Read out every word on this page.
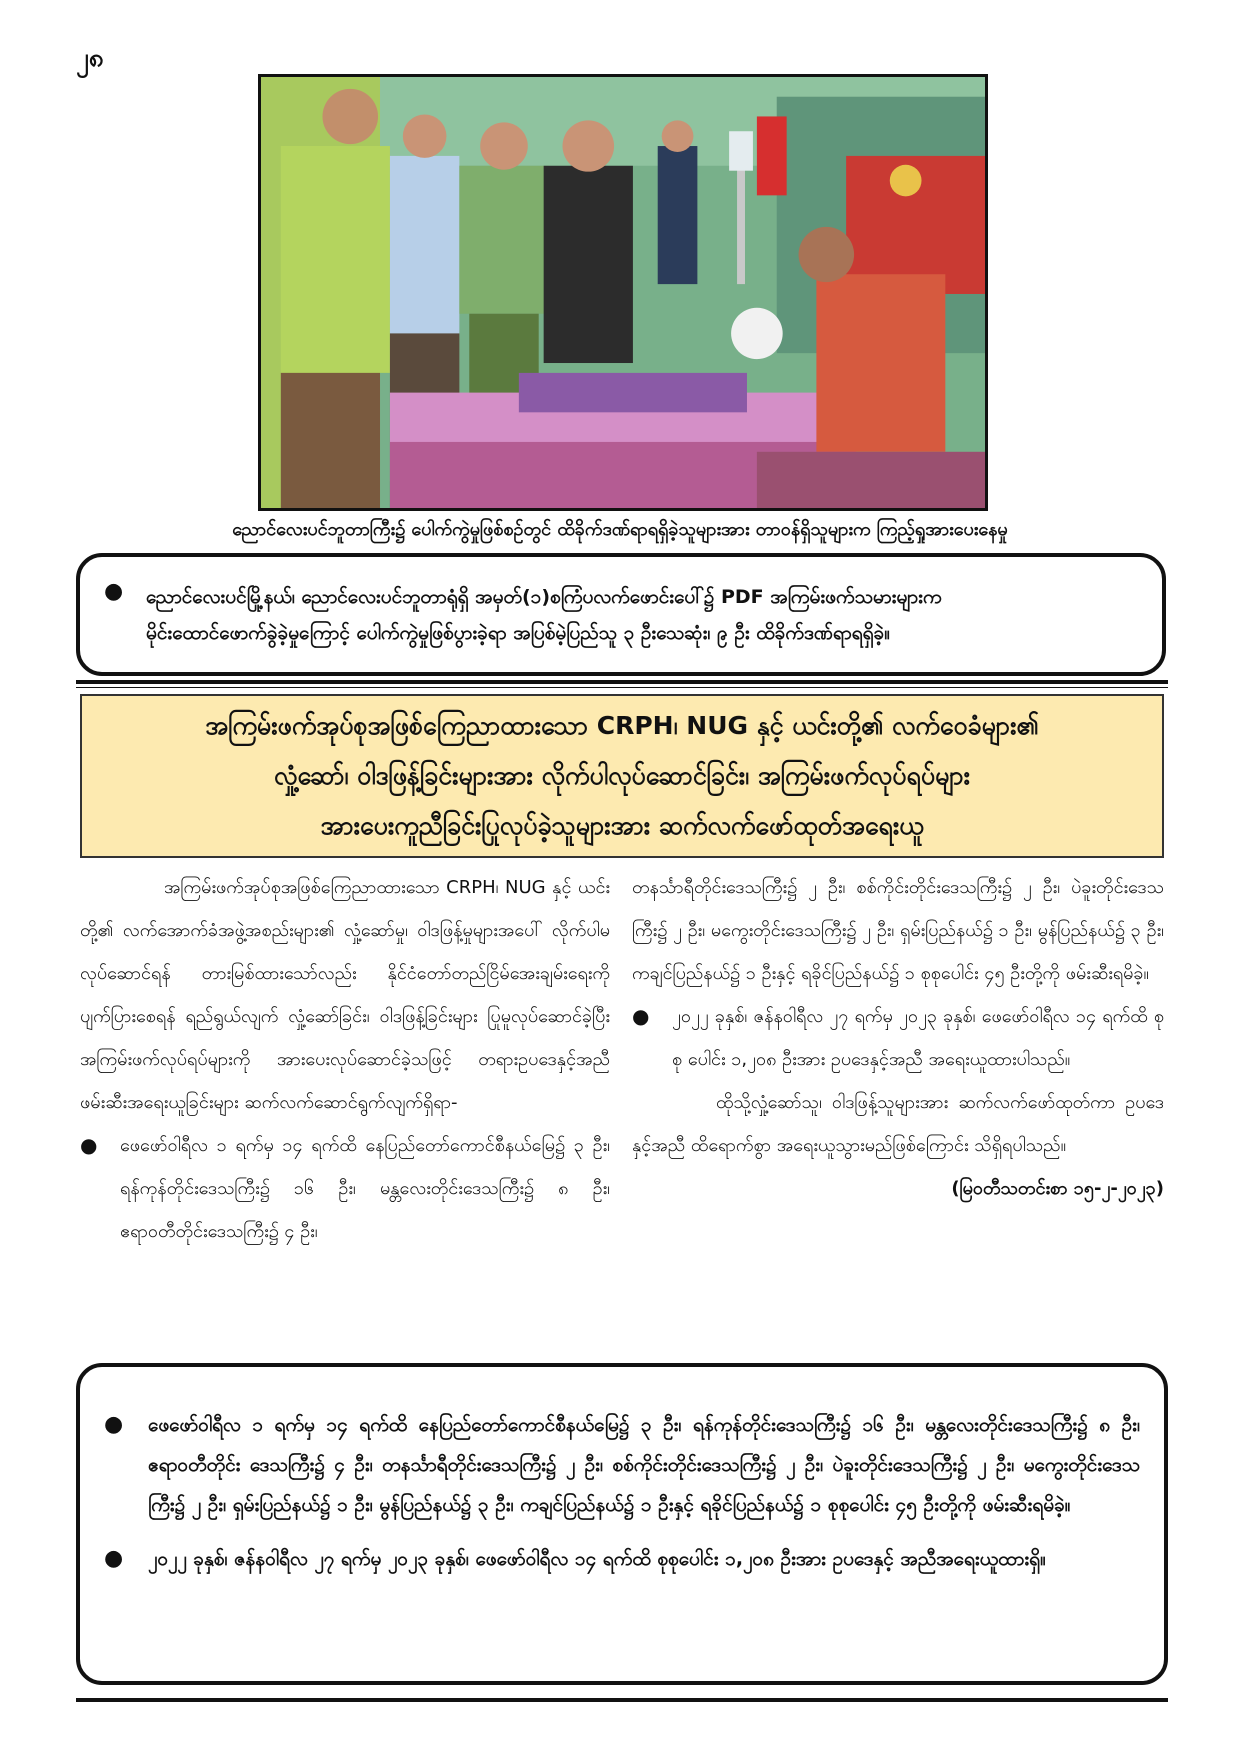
၂၈
ညောင်လေးပင်ဘူတာကြီး၌ ပေါက်ကွဲမှုဖြစ်စဉ်တွင် ထိခိုက်ဒဏ်ရာရရှိခဲ့သူများအား တာဝန်ရှိသူများက ကြည့်ရှုအားပေးနေမှု
● ညောင်လေးပင်မြို့နယ်၊ ညောင်လေးပင်ဘူတာရုံရှိ အမှတ်(၁)စကြံပလက်ဖောင်းပေါ်၌ PDF အကြမ်းဖက်သမားများက
မိုင်းထောင်ဖောက်ခွဲခဲ့မှုကြောင့် ပေါက်ကွဲမှုဖြစ်ပွားခဲ့ရာ အပြစ်မဲ့ပြည်သူ ၃ ဦးသေဆုံး၊ ၉ ဦး ထိခိုက်ဒဏ်ရာရရှိခဲ့။
အကြမ်းဖက်အုပ်စုအဖြစ်ကြေညာထားသော CRPH၊ NUG နှင့် ယင်းတို့၏ လက်ဝေခံများ၏
လှုံ့ဆော်၊ ဝါဒဖြန့်ခြင်းများအား လိုက်ပါလုပ်ဆောင်ခြင်း၊ အကြမ်းဖက်လုပ်ရပ်များ
အားပေးကူညီခြင်းပြုလုပ်ခဲ့သူများအား ဆက်လက်ဖော်ထုတ်အရေးယူ

အကြမ်းဖက်အုပ်စုအဖြစ်ကြေညာထားသော CRPH၊ NUG နှင့် ယင်းတို့၏ လက်အောက်ခံအဖွဲ့အစည်းများ၏ လှုံ့ဆော်မှု၊ ဝါဒဖြန့်မှုများအပေါ် လိုက်ပါမလုပ်ဆောင်ရန် တားမြစ်ထားသော်လည်း နိုင်ငံတော်တည်ငြိမ်အေးချမ်းရေးကို ပျက်ပြားစေရန် ရည်ရွယ်လျက် လှုံ့ဆော်ခြင်း၊ ဝါဒဖြန့်ခြင်းများ ပြုမူလုပ်ဆောင်ခဲ့ပြီး အကြမ်းဖက်လုပ်ရပ်များကို အားပေးလုပ်ဆောင်ခဲ့သဖြင့် တရားဥပဒေနှင့်အညီ ဖမ်းဆီးအရေးယူခြင်းများ ဆက်လက်ဆောင်ရွက်လျက်ရှိရာ-

● ဖေဖော်ဝါရီလ ၁ ရက်မှ ၁၄ ရက်ထိ နေပြည်တော်ကောင်စီနယ်မြေ၌ ၃ ဦး၊ ရန်ကုန်တိုင်းဒေသကြီး၌ ၁၆ ဦး၊ မန္တလေးတိုင်းဒေသကြီး၌ ၈ ဦး၊ ဧရာဝတီတိုင်းဒေသကြီး၌ ၄ ဦး၊

တနင်္သာရီတိုင်းဒေသကြီး၌ ၂ ဦး၊ စစ်ကိုင်းတိုင်းဒေသကြီး၌ ၂ ဦး၊ ပဲခူးတိုင်းဒေသကြီး၌ ၂ ဦး၊ မကွေးတိုင်းဒေသကြီး၌ ၂ ဦး၊ ရှမ်းပြည်နယ်၌ ၁ ဦး၊ မွန်ပြည်နယ်၌ ၃ ဦး၊ ကချင်ပြည်နယ်၌ ၁ ဦးနှင့် ရခိုင်ပြည်နယ်၌ ၁ စုစုပေါင်း ၄၅ ဦးတို့ကို ဖမ်းဆီးရမိခဲ့။

● ၂၀၂၂ ခုနှစ်၊ ဇန်နဝါရီလ ၂၇ ရက်မှ ၂၀၂၃ ခုနှစ်၊ ဖေဖော်ဝါရီလ ၁၄ ရက်ထိ စုစု ပေါင်း ၁,၂၀၈ ဦးအား ဥပဒေနှင့်အညီ အရေးယူထားပါသည်။

ထိုသို့လှုံ့ဆော်သူ၊ ဝါဒဖြန့်သူများအား ဆက်လက်ဖော်ထုတ်ကာ ဥပဒေနှင့်အညီ ထိရောက်စွာ အရေးယူသွားမည်ဖြစ်ကြောင်း သိရှိရပါသည်။

(မြဝတီသတင်းစာ ၁၅-၂-၂၀၂၃)

● ဖေဖော်ဝါရီလ ၁ ရက်မှ ၁၄ ရက်ထိ နေပြည်တော်ကောင်စီနယ်မြေ၌ ၃ ဦး၊ ရန်ကုန်တိုင်းဒေသကြီး၌ ၁၆ ဦး၊ မန္တလေးတိုင်းဒေသကြီး၌ ၈ ဦး၊ ဧရာဝတီတိုင်း ဒေသကြီး၌ ၄ ဦး၊ တနင်္သာရီတိုင်းဒေသကြီး၌ ၂ ဦး၊ စစ်ကိုင်းတိုင်းဒေသကြီး၌ ၂ ဦး၊ ပဲခူးတိုင်းဒေသကြီး၌ ၂ ဦး၊ မကွေးတိုင်းဒေသကြီး၌ ၂ ဦး၊ ရှမ်းပြည်နယ်၌ ၁ ဦး၊ မွန်ပြည်နယ်၌ ၃ ဦး၊ ကချင်ပြည်နယ်၌ ၁ ဦးနှင့် ရခိုင်ပြည်နယ်၌ ၁ စုစုပေါင်း ၄၅ ဦးတို့ကို ဖမ်းဆီးရမိခဲ့။

● ၂၀၂၂ ခုနှစ်၊ ဇန်နဝါရီလ ၂၇ ရက်မှ ၂၀၂၃ ခုနှစ်၊ ဖေဖော်ဝါရီလ ၁၄ ရက်ထိ စုစုပေါင်း ၁,၂၀၈ ဦးအား ဥပဒေနှင့် အညီအရေးယူထားရှိ။
